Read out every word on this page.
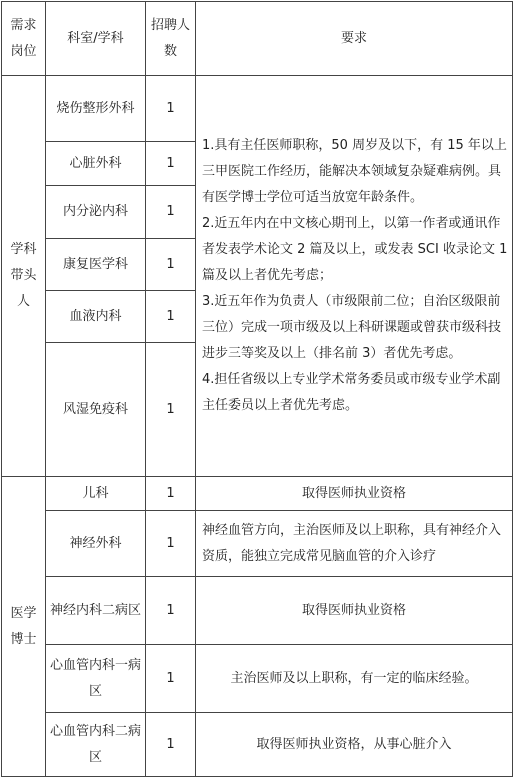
需求岗位	科室/学科	招聘人数	要求
学科带头人	烧伤整形外科	1	1.具有主任医师职称，50 周岁及以下，有 15 年以上三甲医院工作经历，能解决本领域复杂疑难病例。具有医学博士学位可适当放宽年龄条件。

2.近五年内在中文核心期刊上，以第一作者或通讯作者发表学术论文 2 篇及以上，或发表 SCI 收录论文 1 篇及以上者优先考虑；

3.近五年作为负责人（市级限前二位；自治区级限前三位）完成一项市级及以上科研课题或曾获市级科技进步三等奖及以上（排名前 3）者优先考虑。

4.担任省级以上专业学术常务委员或市级专业学术副主任委员以上者优先考虑。

	心脏外科	1	
	内分泌内科	1	
	康复医学科	1	
	血液内科	1	
	风湿免疫科	1	
医学博士	儿科	1	取得医师执业资格
	神经外科	1	神经血管方向，主治医师及以上职称，具有神经介入资质，能独立完成常见脑血管的介入诊疗
	神经内科二病区	1	取得医师执业资格
	心血管内科一病区	1	主治医师及以上职称，有一定的临床经验。
	心血管内科二病区	1	取得医师执业资格，从事心脏介入
